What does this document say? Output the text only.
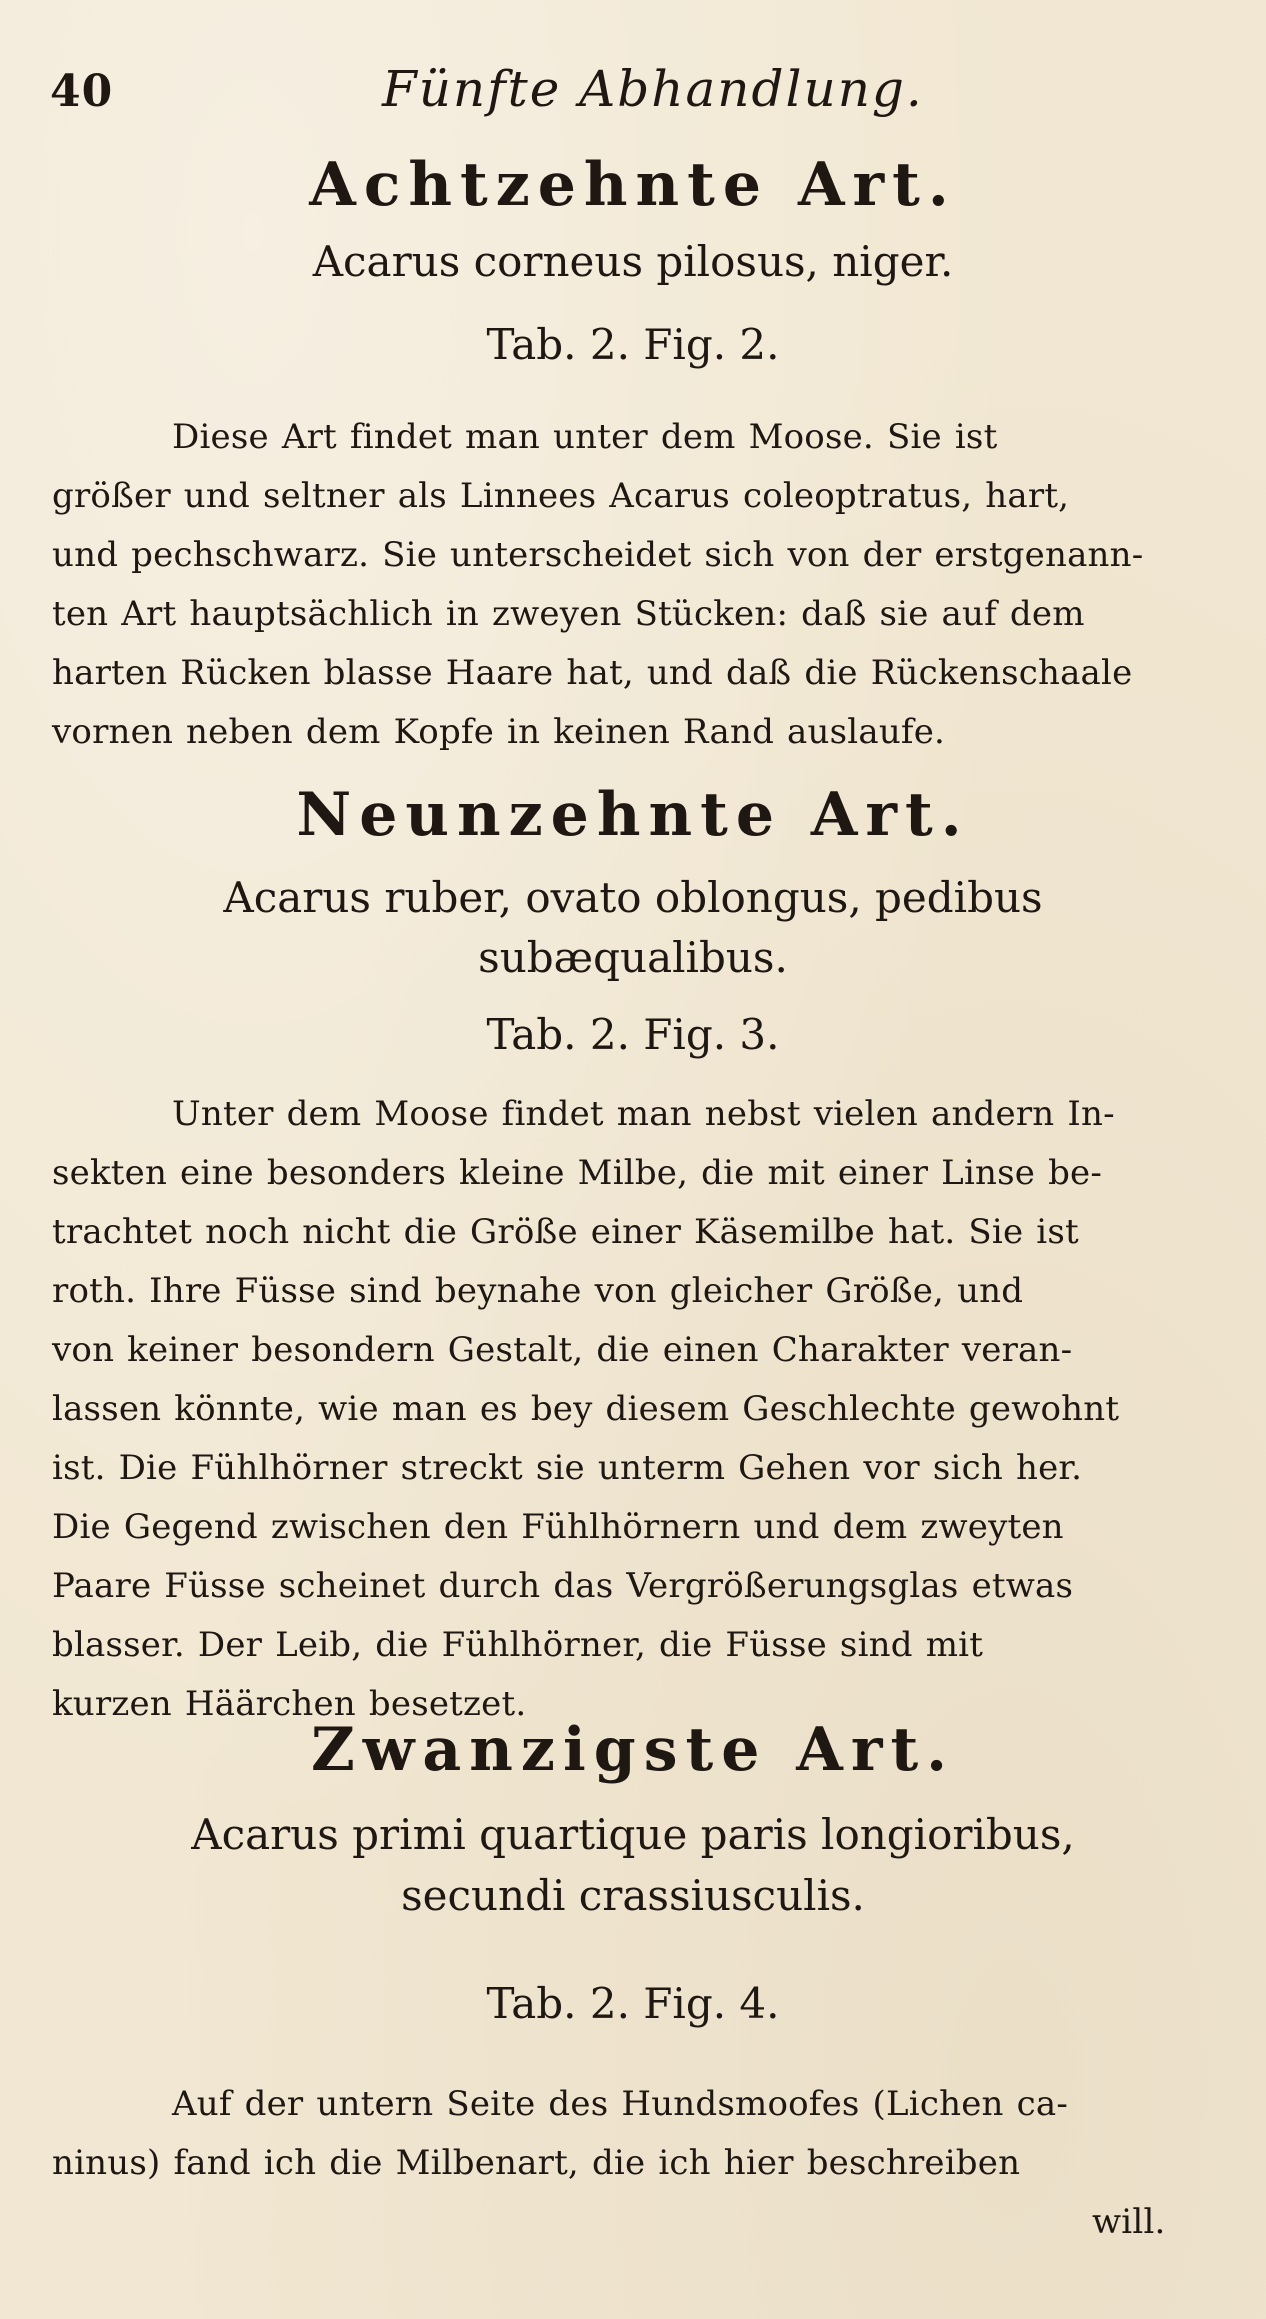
40	Fünfte Abhandlung.
Achtzehnte Art.
Acarus corneus pilosus, niger.
Tab. 2. Fig. 2.
Diese Art findet man unter dem Moose. Sie ist
größer und seltner als Linnees Acarus coleoptratus, hart,
und pechschwarz. Sie unterscheidet sich von der erstgenann-
ten Art hauptsächlich in zweyen Stücken: daß sie auf dem
harten Rücken blasse Haare hat, und daß die Rückenschaale
vornen neben dem Kopfe in keinen Rand auslaufe.
Neunzehnte Art.
Acarus ruber, ovato oblongus, pedibus
subæqualibus.
Tab. 2. Fig. 3.
Unter dem Moose findet man nebst vielen andern In-
sekten eine besonders kleine Milbe, die mit einer Linse be-
trachtet noch nicht die Größe einer Käsemilbe hat. Sie ist
roth. Ihre Füsse sind beynahe von gleicher Größe, und
von keiner besondern Gestalt, die einen Charakter veran-
lassen könnte, wie man es bey diesem Geschlechte gewohnt
ist. Die Fühlhörner streckt sie unterm Gehen vor sich her.
Die Gegend zwischen den Fühlhörnern und dem zweyten
Paare Füsse scheinet durch das Vergrößerungsglas etwas
blasser. Der Leib, die Fühlhörner, die Füsse sind mit
kurzen Häärchen besetzet.
Zwanzigste Art.
Acarus primi quartique paris longioribus,
secundi crassiusculis.
Tab. 2. Fig. 4.
Auf der untern Seite des Hundsmoofes (Lichen ca-
ninus) fand ich die Milbenart, die ich hier beschreiben
will.
